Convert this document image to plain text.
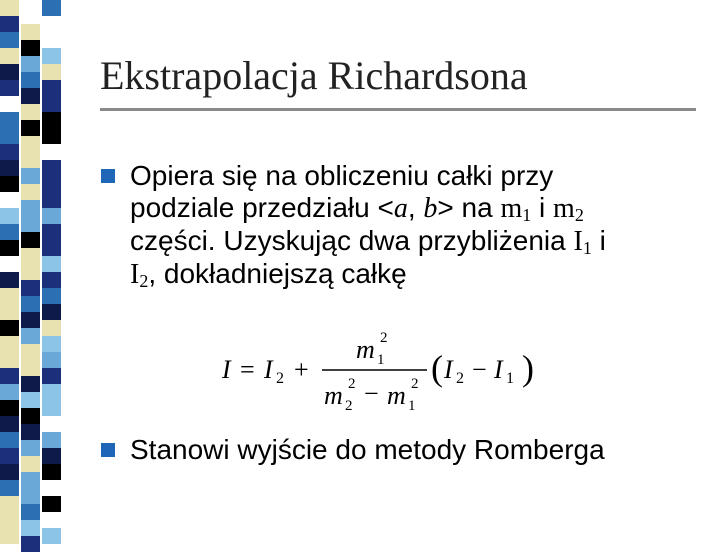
Ekstrapolacja Richardsona
Opiera się na obliczeniu całki przy
podziale przedziału <a, b> na $m_1$ i $m_2$
części. Uzyskując dwa przybliżenia $I_1$ i
$I_2$, dokładniejszą całkę
I = I 2 +
m 1
2
m 2
2 − m 1
2 ( I 2 − I 1 )
Stanowi wyjście do metody Romberga
